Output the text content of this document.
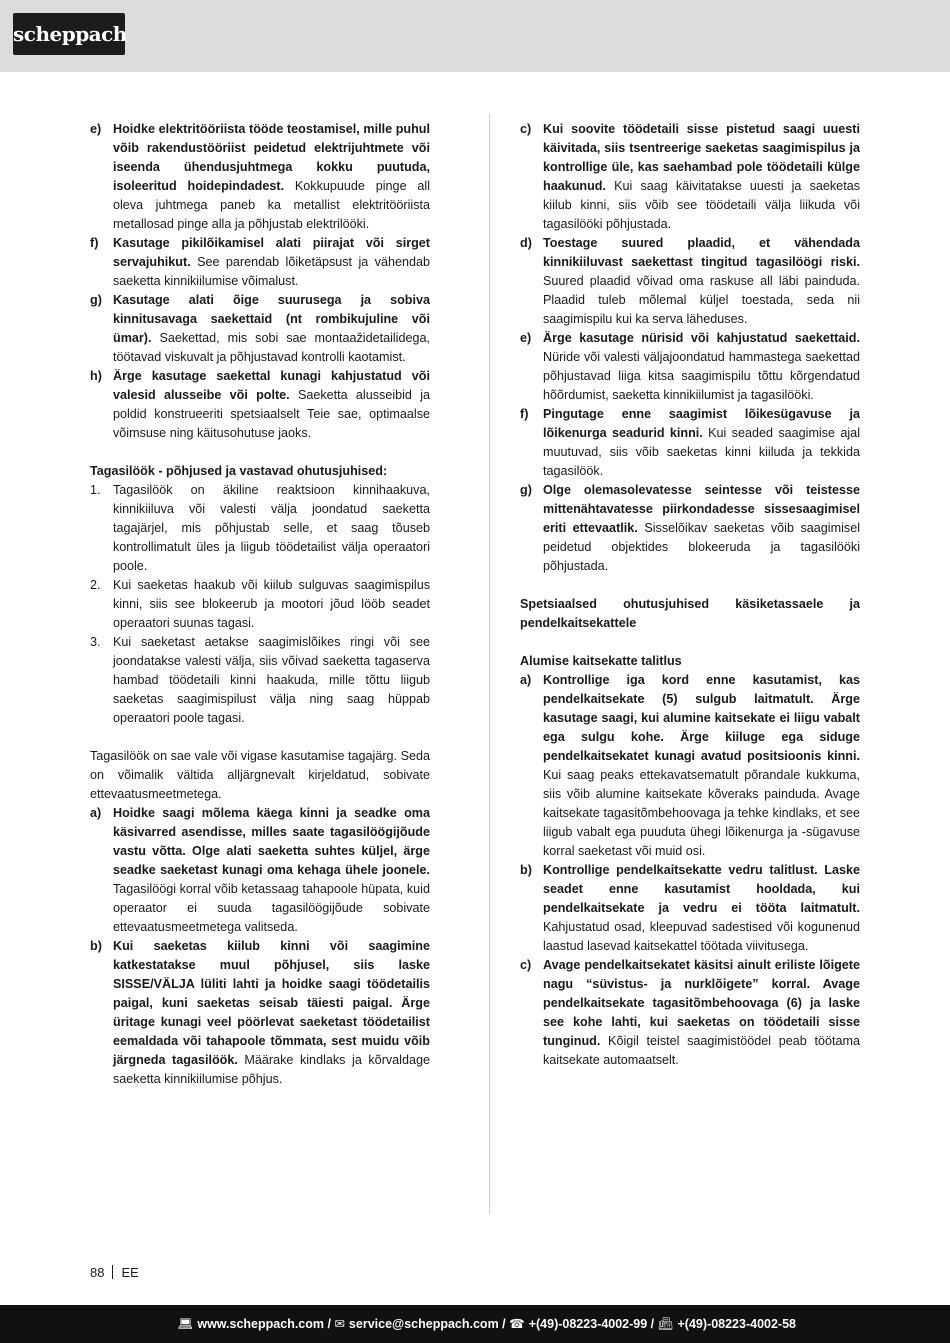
scheppach
e) Hoidke elektritööriista tööde teostamisel, mille puhul võib rakendustööriist peidetud elektrijuhtmete või iseenda ühendusjuhtmega kokku puutuda, isoleeritud hoidepindadest. Kokkupuude pinge all oleva juhtmega paneb ka metallist elektritööriista metallosad pinge alla ja põhjustab elektrilööki.
f)	Kasutage pikilõikamisel alati piirajat või sirget servajuhikut. See parendab lõiketäpsust ja vähendab saeketta kinnikiilumise võimalust.
g) Kasutage alati õige suurusega ja sobiva kinnitusavaga saekettaid (nt rombikujuline või ümar). Saekettad, mis sobi sae montaažidetailidega, töötavad viskuvalt ja põhjustavad kontrolli kaotamist.
h) Ärge kasutage saekettal kunagi kahjustatud või valesid alusseibe või polte. Saeketta alusseibid ja poldid konstrueeriti spetsiaalselt Teie sae, optimaalse võimsuse ning käitusohutuse jaoks.

Tagasilöök - põhjused ja vastavad ohutusjuhised:

1. Tagasilöök on äkiline reaktsioon kinnihaakuva, kinnikiiluva või valesti välja joondatud saeketta tagajärjel, mis põhjustab selle, et saag tõuseb kontrollimatult üles ja liigub töödetailist välja operaatori poole.
2. Kui saeketas haakub või kiilub sulguvas saagimispilus kinni, siis see blokeerub ja mootori jõud lööb seadet operaatori suunas tagasi.
3. Kui saeketast aetakse saagimislõikes ringi või see joondatakse valesti välja, siis võivad saeketta tagaserva hambad töödetaili kinni haakuda, mille tõttu liigub saeketas saagimispilust välja ning saag hüppab operaatori poole tagasi.

Tagasilöök on sae vale või vigase kasutamise tagajärg. Seda on võimalik vältida alljärgnevalt kirjeldatud, sobivate ettevaatusmeetmetega.

a) Hoidke saagi mõlema käega kinni ja seadke oma käsivarred asendisse, milles saate tagasilöögijõude vastu võtta. Olge alati saeketta suhtes küljel, ärge seadke saeketast kunagi oma kehaga ühele joonele. Tagasilöögi korral võib ketassaag tahapoole hüpata, kuid operaator ei suuda tagasilöögijõude sobivate ettevaatusmeetmetega valitseda.
b) Kui saeketas kiilub kinni või saagimine katkestatakse muul põhjusel, siis laske SISSE/VÄLJA lüliti lahti ja hoidke saagi töödetailis paigal, kuni saeketas seisab täiesti paigal. Ärge üritage kunagi veel pöörlevat saeketast töödetailist eemaldada või tahapoole tõmmata, sest muidu võib järgneda tagasilöök. Määrake kindlaks ja kõrvaldage saeketta kinnikiilumise põhjus.
c) Kui soovite töödetaili sisse pistetud saagi uuesti käivitada, siis tsentreerige saeketas saagimispilus ja kontrollige üle, kas saehambad pole töödetaili külge haakunud. Kui saag käivitatakse uuesti ja saeketas kiilub kinni, siis võib see töödetaili välja liikuda või tagasilööki põhjustada.
d) Toestage suured plaadid, et vähendada kinnikiiluvast saekettast tingitud tagasilöögi riski. Suured plaadid võivad oma raskuse all läbi painduda. Plaadid tuleb mõlemal küljel toestada, seda nii saagimispilu kui ka serva läheduses.
e) Ärge kasutage nürisid või kahjustatud saekettaid. Nüride või valesti väljajoondatud hammastega saekettad põhjustavad liiga kitsa saagimispilu tõttu kõrgendatud hõõrdumist, saeketta kinnikiilumist ja tagasilööki.
f)	Pingutage enne saagimist lõikesügavuse ja lõikenurga seadurid kinni. Kui seaded saagimise ajal muutuvad, siis võib saeketas kinni kiiluda ja tekkida tagasilöök.
g) Olge olemasolevatesse seintesse või teistesse mittenähtavatesse piirkondadesse sissesaagimisel eriti ettevaatlik. Sisselõikav saeketas võib saagimisel peidetud objektides blokeeruda ja tagasilööki põhjustada.

Spetsiaalsed ohutusjuhised käsiketassaele ja pendelkaitsekattele

Alumise kaitsekatte talitlus

a) Kontrollige iga kord enne kasutamist, kas pendelkaitsekate (5) sulgub laitmatult. Ärge kasutage saagi, kui alumine kaitsekate ei liigu vabalt ega sulgu kohe. Ärge kiiluge ega siduge pendelkaitsekatet kunagi avatud positsioonis kinni. Kui saag peaks ettekavatsematult põrandale kukkuma, siis võib alumine kaitsekate kõveraks painduda. Avage kaitsekate tagasitõmbehoovaga ja tehke kindlaks, et see liigub vabalt ega puuduta ühegi lõikenurga ja -sügavuse korral saeketast või muid osi.
b) Kontrollige pendelkaitsekatte vedru talitlust. Laske seadet enne kasutamist hooldada, kui pendelkaitsekate ja vedru ei tööta laitmatult. Kahjustatud osad, kleepuvad sadestised või kogunenud laastud lasevad kaitsekattel töötada viivitusega.
c) Avage pendelkaitsekatet käsitsi ainult eriliste lõigete nagu “süvistus- ja nurklõigete” korral. Avage pendelkaitsekate tagasitõmbehoovaga (6) ja laske see kohe lahti, kui saeketas on töödetaili sisse tunginud. Kõigil teistel saagimistöödel peab töötama kaitsekate automaatselt.
88 EE
💻︎ www.scheppach.com / ✉︎ service@scheppach.com / ☎︎ +(49)-08223-4002-99 / 📠︎ +(49)-08223-4002-58
